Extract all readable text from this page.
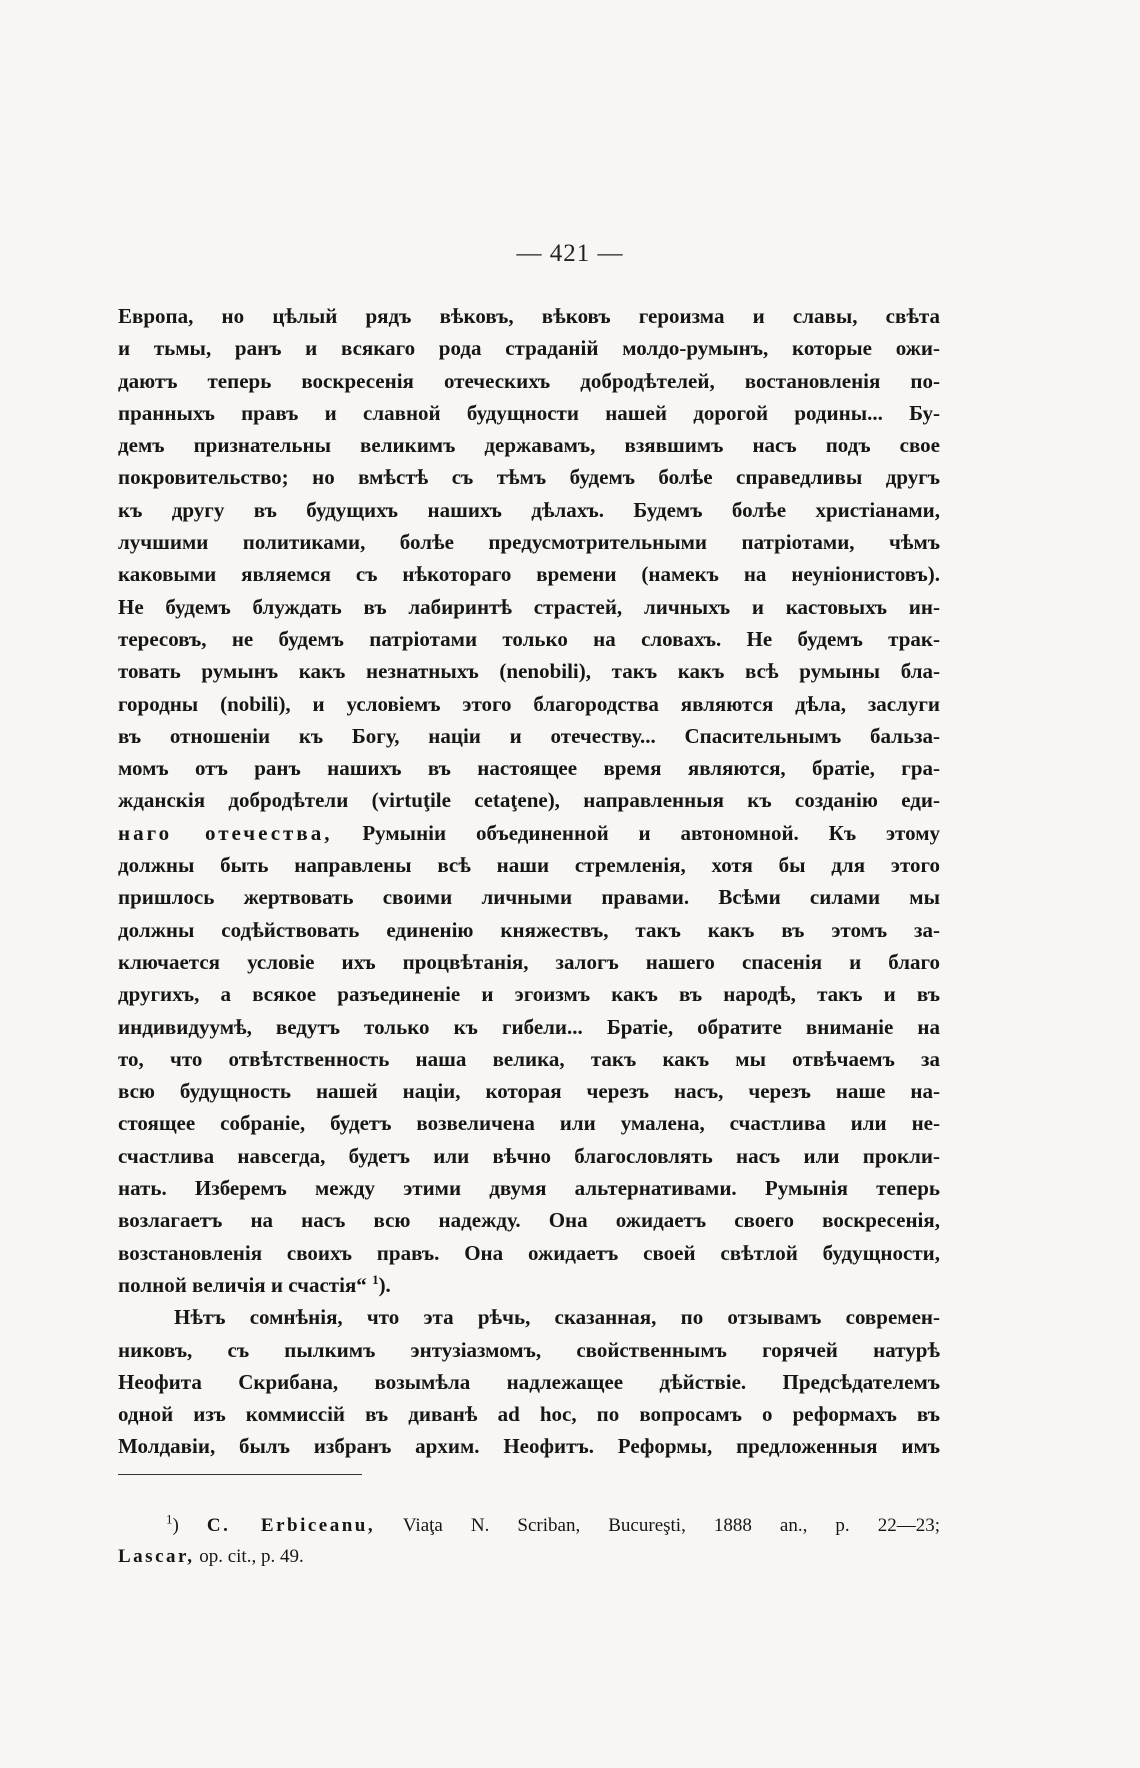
— 421 —
Европа, но цѣлый рядъ вѣковъ, вѣковъ героизма и славы, свѣта
и тьмы, ранъ и всякаго рода страданій молдо-румынъ, которые ожи-
даютъ теперь воскресенія отеческихъ добродѣтелей, востановленія по-
пранныхъ правъ и славной будущности нашей дорогой родины... Бу-
демъ признательны великимъ державамъ, взявшимъ насъ подъ свое
покровительство; но вмѣстѣ съ тѣмъ будемъ болѣе справедливы другъ
къ другу въ будущихъ нашихъ дѣлахъ. Будемъ болѣе христіанами,
лучшими политиками, болѣе предусмотрительными патріотами, чѣмъ
каковыми являемся съ нѣкотораго времени (намекъ на неуніонистовъ).
Не будемъ блуждать въ лабиринтѣ страстей, личныхъ и кастовыхъ ин-
тересовъ, не будемъ патріотами только на словахъ. Не будемъ трак-
товать румынъ какъ незнатныхъ (nenobili), такъ какъ всѣ румыны бла-
городны (nobili), и условіемъ этого благородства являются дѣла, заслуги
въ отношеніи къ Богу, націи и отечеству... Спасительнымъ бальза-
момъ отъ ранъ нашихъ въ настоящее время являются, братіе, гра-
жданскія добродѣтели (virtuţile cetaţene), направленныя къ созданію еди-
наго отечества, Румыніи объединенной и автономной. Къ этому
должны быть направлены всѣ наши стремленія, хотя бы для этого
пришлось жертвовать своими личными правами. Всѣми силами мы
должны содѣйствовать единенію княжествъ, такъ какъ въ этомъ за-
ключается условіе ихъ процвѣтанія, залогъ нашего спасенія и благо
другихъ, а всякое разъединеніе и эгоизмъ какъ въ народѣ, такъ и въ
индивидуумѣ, ведутъ только къ гибели... Братіе, обратите вниманіе на
то, что отвѣтственность наша велика, такъ какъ мы отвѣчаемъ за
всю будущность нашей націи, которая черезъ насъ, черезъ наше на-
стоящее собраніе, будетъ возвеличена или умалена, счастлива или не-
счастлива навсегда, будетъ или вѣчно благословлять насъ или прокли-
нать. Изберемъ между этими двумя альтернативами. Румынія теперь
возлагаетъ на насъ всю надежду. Она ожидаетъ своего воскресенія,
возстановленія своихъ правъ. Она ожидаетъ своей свѣтлой будущности,
полной величія и счастія“ $^1$).
Нѣтъ сомнѣнія, что эта рѣчь, сказанная, по отзывамъ современ-
никовъ, съ пылкимъ энтузіазмомъ, свойственнымъ горячей натурѣ
Неофита Скрибана, возымѣла надлежащее дѣйствіе. Предсѣдателемъ
одной изъ коммиссій въ диванѣ ad hoc, по вопросамъ о реформахъ въ
Молдавіи, былъ избранъ архим. Неофитъ. Реформы, предложенныя имъ
$^1$) C. Erbiceanu, Viaţa N. Scriban, Bucureşti, 1888 an., p. 22—23;
Lascar, op. cit., p. 49.
